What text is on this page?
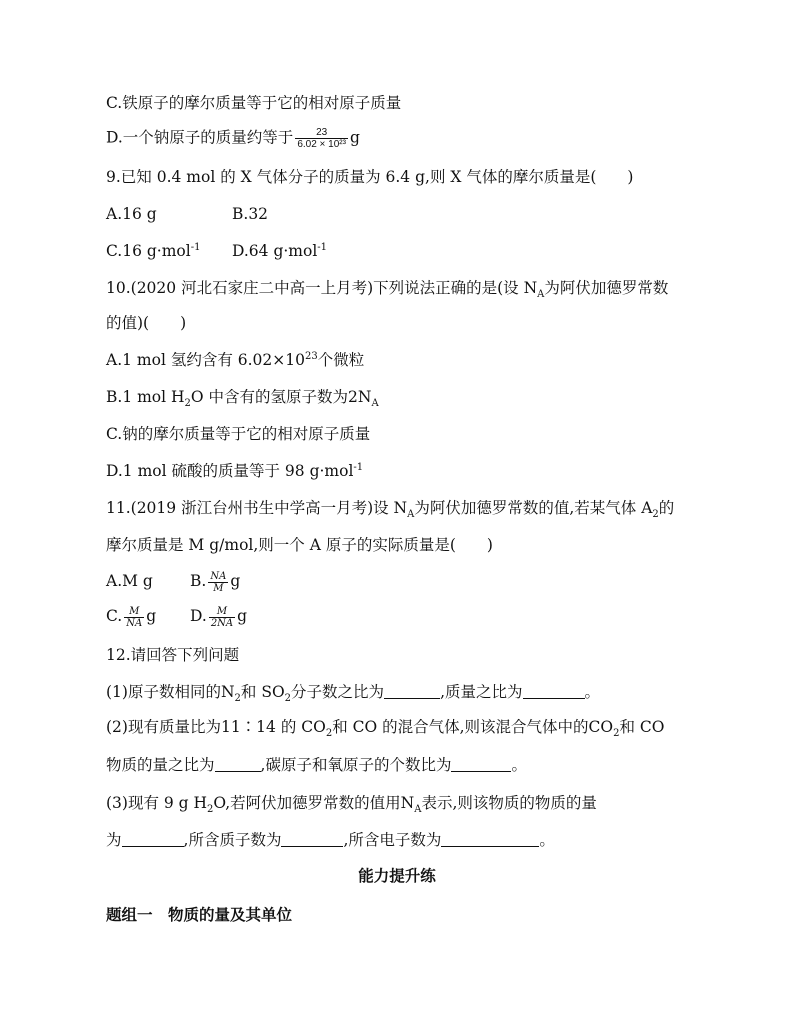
C.铁原子的摩尔质量等于它的相对原子质量
D.一个钠原子的质量约等于 $\frac{23}{\text{6.02 × 10²³}}$ g
9.已知 0.4 mol 的 X 气体分子的质量为 6.4 g,则 X 气体的摩尔质量是(　　)
A.16 g	B.32
C.16 g·mol$^{-1}$ D.64 g·mol$^{-1}$
10.(2020 河北石家庄二中高一上月考)下列说法正确的是(设 $N_A$为阿伏加德罗常数
的值)(　　)
A.1 mol 氢约含有 $6.02\times 10^{23}$个微粒
B.1 mol $H_2O$ 中含有的氢原子数为$2N_A$
C.钠的摩尔质量等于它的相对原子质量
D.1 mol 硫酸的质量等于 98 g·mol$^{-1}$
11.(2019 浙江台州书生中学高一月考)设 $N_A$为阿伏加德罗常数的值,若某气体 $A_2$的
摩尔质量是 M g/mol,则一个 A 原子的实际质量是(　　)
A.M g B. $\frac{NA}{M}$ g
C. $\frac{M}{NA}$ g D. $\frac{M}{2NA}$ g
12.请回答下列问题
(1)原子数相同的$N_2$和 $SO_2$分子数之比为	,质量之比为	。
(2)现有质量比为11∶14 的 $CO_2$和 CO 的混合气体,则该混合气体中的$CO_2$和 CO
物质的量之比为	,碳原子和氧原子的个数比为	。
(3)现有 9 g $H_2O$,若阿伏加德罗常数的值用$N_A$表示,则该物质的物质的量
为	,所含质子数为	,所含电子数为	。
能力提升练
题组一　物质的量及其单位
